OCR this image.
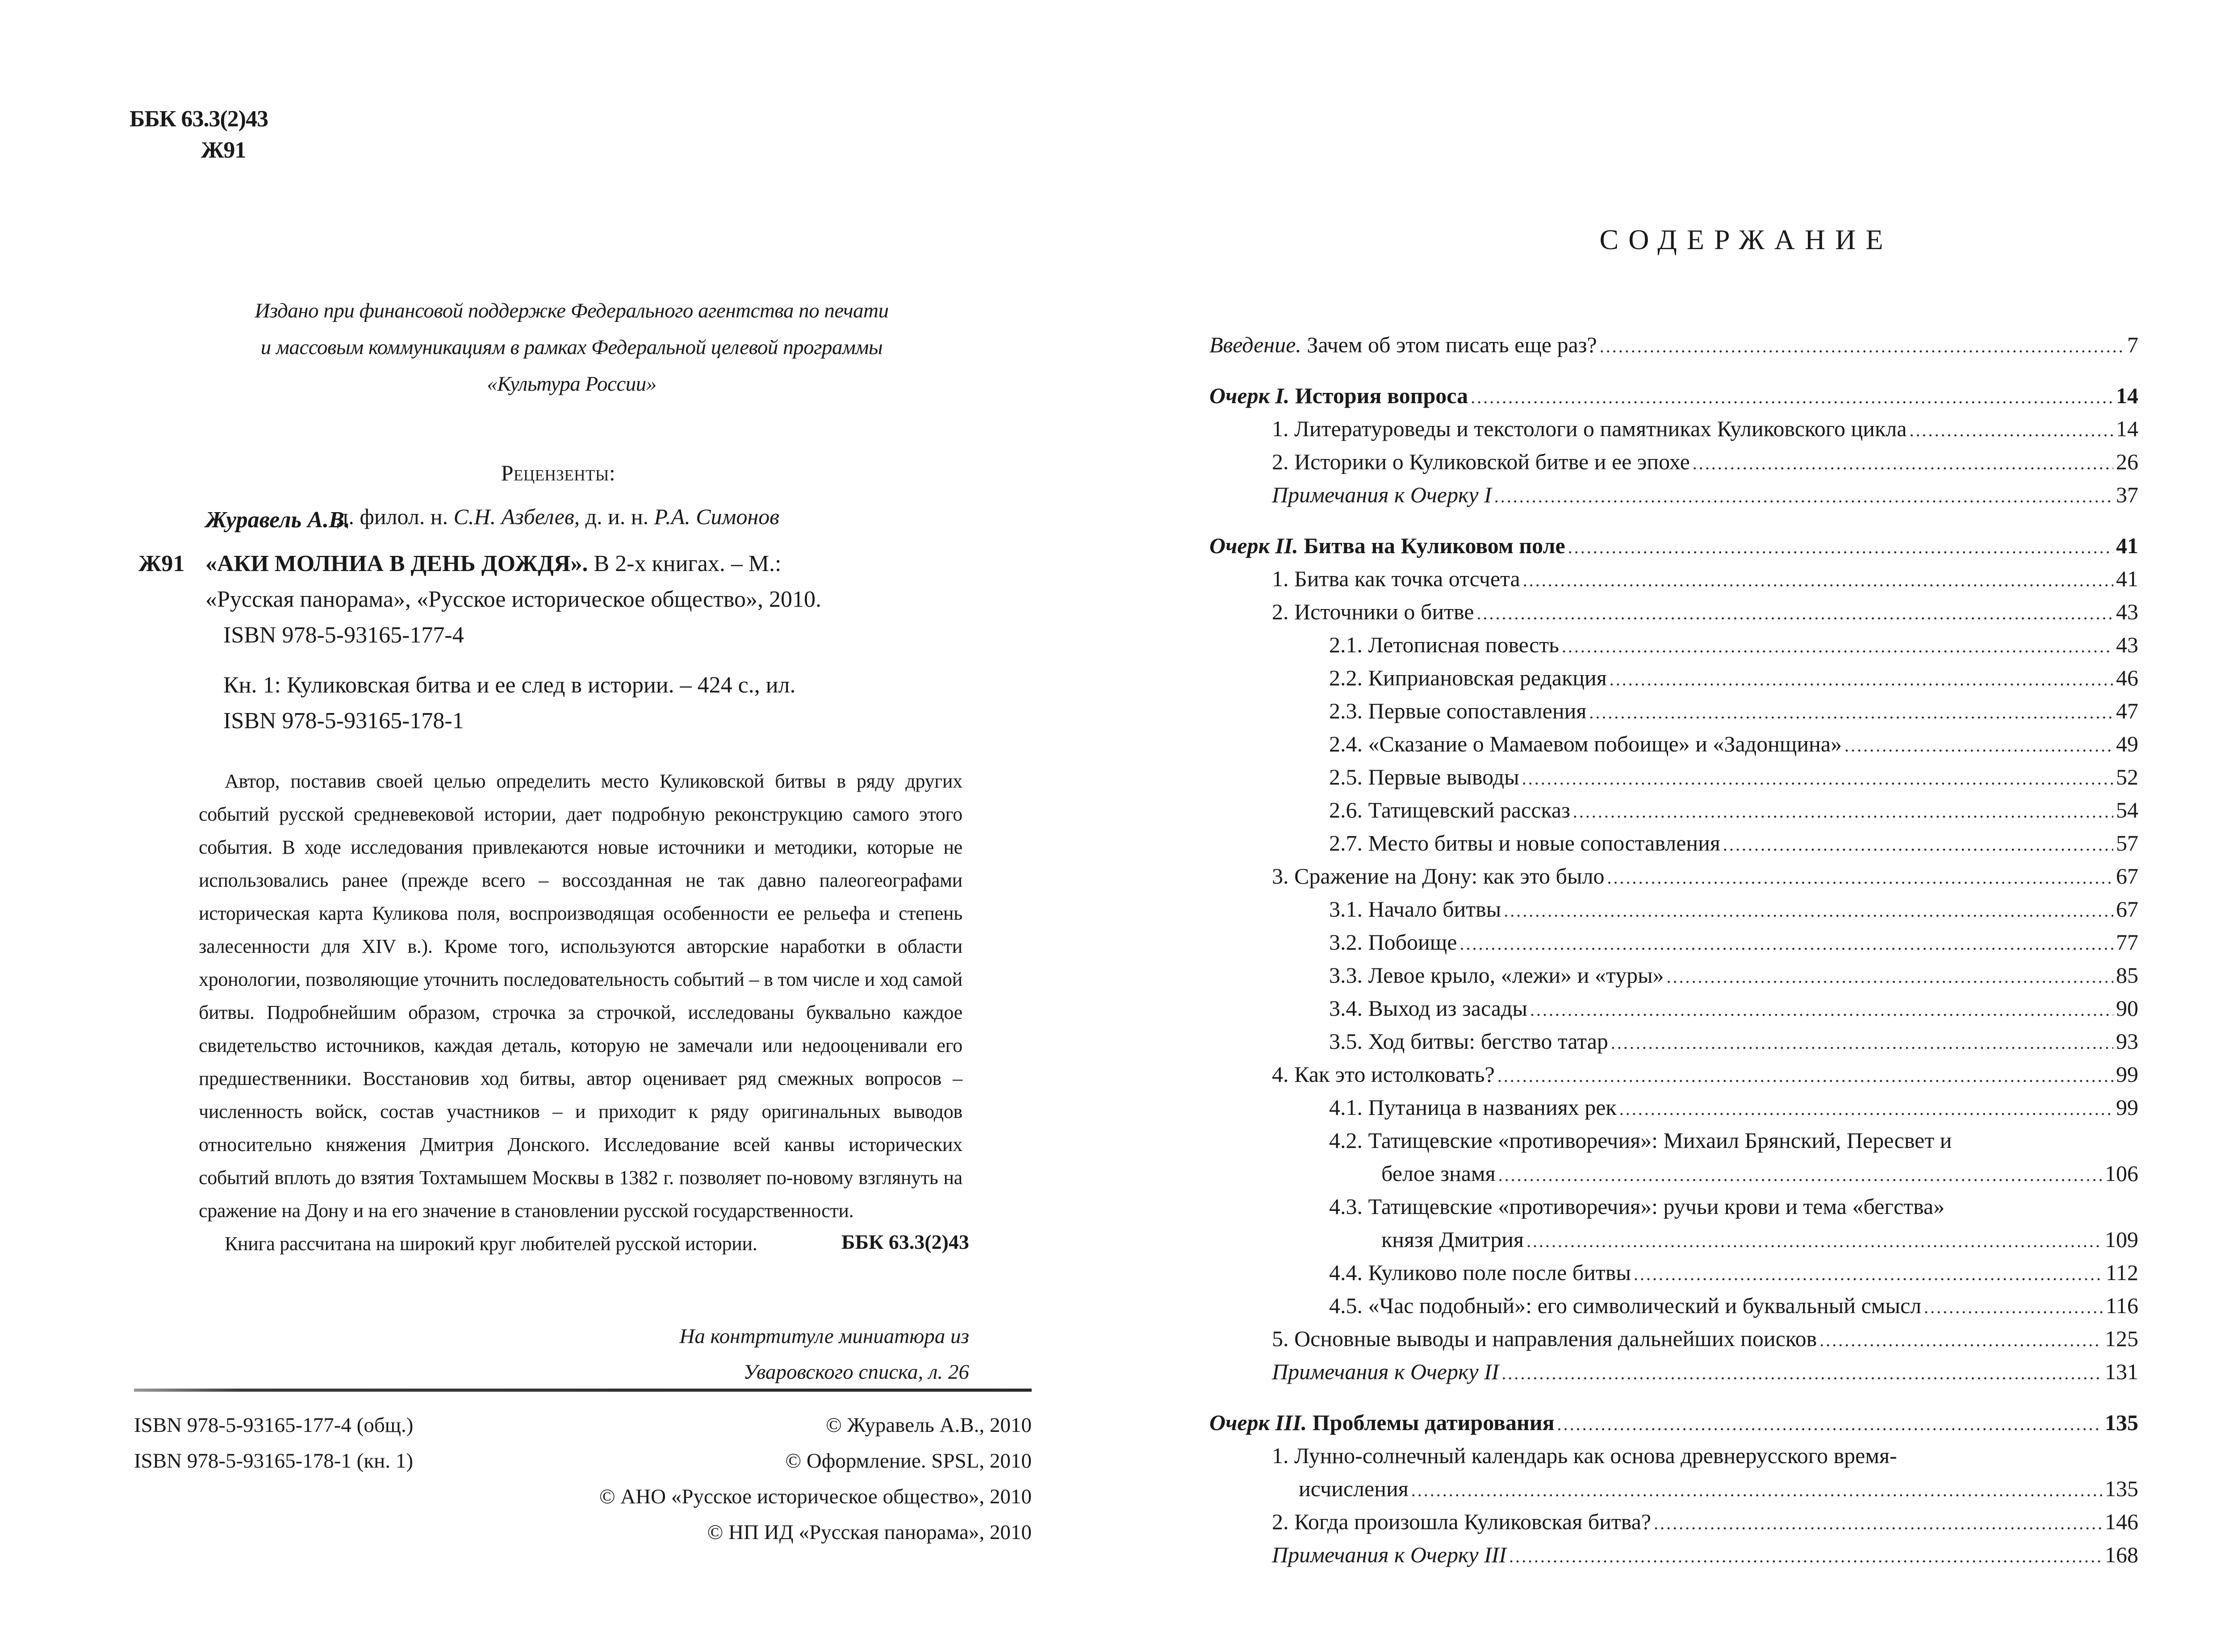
ББК 63.3(2)43
Ж91
Издано при финансовой поддержке Федерального агентства по печати
и массовым коммуникациям в рамках Федеральной целевой программы
«Культура России»
Рецензенты:
д. филол. н. С.Н. Азбелев, д. и. н. Р.А. Симонов
Журавель А.В.
Ж91 «АКИ МОЛНИА В ДЕНЬ ДОЖДЯ». В 2-х книгах. – М.:
«Русская панорама», «Русское историческое общество», 2010.
ISBN 978-5-93165-177-4
Кн. 1: Куликовская битва и ее след в истории. – 424 с., ил.
ISBN 978-5-93165-178-1

Автор, поставив своей целью определить место Куликовской битвы в ряду других событий русской средневековой истории, дает подробную реконструкцию самого этого события. В ходе исследования привлекаются новые источники и методики, которые не использовались ранее (прежде всего – воссозданная не так давно палеогеографами историческая карта Куликова поля, воспроизводящая особенности ее рельефа и степень залесенности для XIV в.). Кроме того, используются авторские наработки в области хронологии, позволяющие уточнить последовательность событий – в том числе и ход самой битвы. Подробнейшим образом, строчка за строчкой, исследованы буквально каждое свидетельство источников, каждая деталь, которую не замечали или недооценивали его предшественники. Восстановив ход битвы, автор оценивает ряд смежных вопросов – численность войск, состав участников – и приходит к ряду оригинальных выводов относительно княжения Дмитрия Донского. Исследование всей канвы исторических событий вплоть до взятия Тохтамышем Москвы в 1382 г. позволяет по-новому взглянуть на сражение на Дону и на его значение в становлении русской государственности.

Книга рассчитана на широкий круг любителей русской истории.	ББК 63.3(2)43
На контртитуле миниатюра из
Уваровского списка, л. 26
ISBN 978-5-93165-177-4 (общ.)
ISBN 978-5-93165-178-1 (кн. 1)
© Журавель А.В., 2010
© Оформление. SPSL, 2010
© АНО «Русское историческое общество», 2010
© НП ИД «Русская панорама», 2010
СОДЕРЖАНИЕ
Введение. Зачем об этом писать еще раз? .....	7
Очерк I. История вопроса .....	14
1. Литературоведы и текстологи о памятниках Куликовского цикла .....	14
2. Историки о Куликовской битве и ее эпохе .....	26
Примечания к Очерку I .....	37
Очерк II. Битва на Куликовом поле .....	41
1. Битва как точка отсчета .....	41
2. Источники о битве .....	43
2.1. Летописная повесть .....	43
2.2. Киприановская редакция .....	46
2.3. Первые сопоставления .....	47
2.4. «Сказание о Мамаевом побоище» и «Задонщина» .....	49
2.5. Первые выводы .....	52
2.6. Татищевский рассказ .....	54
2.7. Место битвы и новые сопоставления .....	57
3. Сражение на Дону: как это было .....	67
3.1. Начало битвы .....	67
3.2. Побоище .....	77
3.3. Левое крыло, «лежи» и «туры» .....	85
3.4. Выход из засады .....	90
3.5. Ход битвы: бегство татар .....	93
4. Как это истолковать? .....	99
4.1. Путаница в названиях рек .....	99
4.2. Татищевские «противоречия»: Михаил Брянский, Пересвет и
белое знамя .....	106
4.3. Татищевские «противоречия»: ручьи крови и тема «бегства»
князя Дмитрия .....	109
4.4. Куликово поле после битвы .....	112
4.5. «Час подобный»: его символический и буквальный смысл .....	116
5. Основные выводы и направления дальнейших поисков .....	125
Примечания к Очерку II .....	131
Очерк III. Проблемы датирования .....	135
1. Лунно-солнечный календарь как основа древнерусского время-
исчисления .....	135
2. Когда произошла Куликовская битва? .....	146
Примечания к Очерку III .....	168
